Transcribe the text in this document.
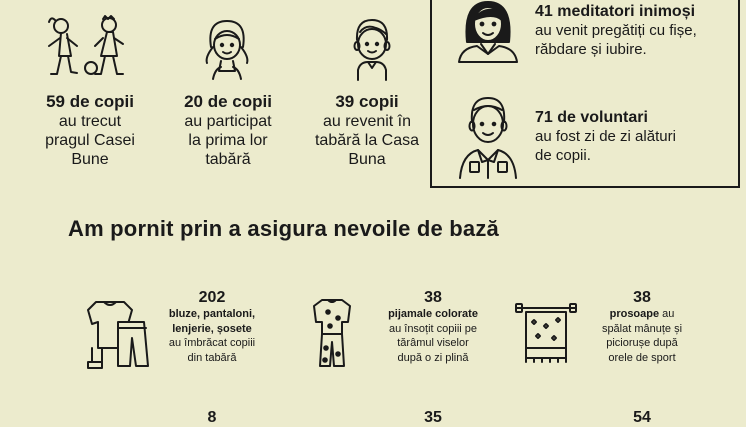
59 de copii
au trecut
pragul Casei
Bune
20 de copii
au participat
la prima lor
tabără
39 copii
au revenit în
tabără la Casa
Buna
41 meditatori inimoși
au venit pregătiți cu fișe,
răbdare și iubire.
71 de voluntari
au fost zi de zi alături
de copii.
Am pornit prin a asigura nevoile de bază
202
bluze, pantaloni,
lenjerie, șosete
au îmbrăcat copiii
din tabără
38
pijamale colorate
au însoțit copiii pe
tărâmul viselor
după o zi plină
38
prosoape au
spălat mânuțe și
piciorușe după
orele de sport
8	35	54
